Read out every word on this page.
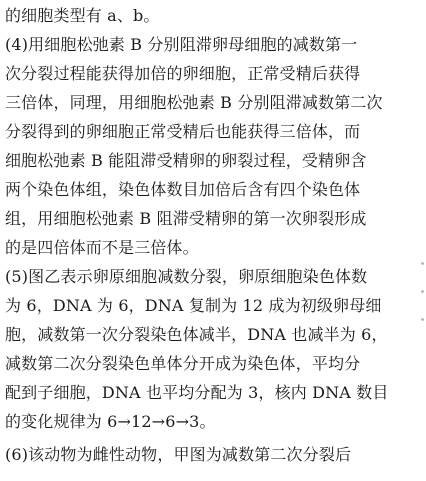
的细胞类型有 a、b。
(4)用细胞松弛素 B 分别阻滞卵母细胞的减数第一
次分裂过程能获得加倍的卵细胞，正常受精后获得
三倍体，同理，用细胞松弛素 B 分别阻滞减数第二次
分裂得到的卵细胞正常受精后也能获得三倍体，而
细胞松弛素 B 能阻滞受精卵的卵裂过程，受精卵含
两个染色体组，染色体数目加倍后含有四个染色体
组，用细胞松弛素 B 阻滞受精卵的第一次卵裂形成
的是四倍体而不是三倍体。
(5)图乙表示卵原细胞减数分裂，卵原细胞染色体数
为 6，DNA 为 6，DNA 复制为 12 成为初级卵母细
胞，减数第一次分裂染色体减半，DNA 也减半为 6，
减数第二次分裂染色单体分开成为染色体，平均分
配到子细胞，DNA 也平均分配为 3，核内 DNA 数目
的变化规律为 6→12→6→3。
(6)该动物为雌性动物，甲图为减数第二次分裂后
